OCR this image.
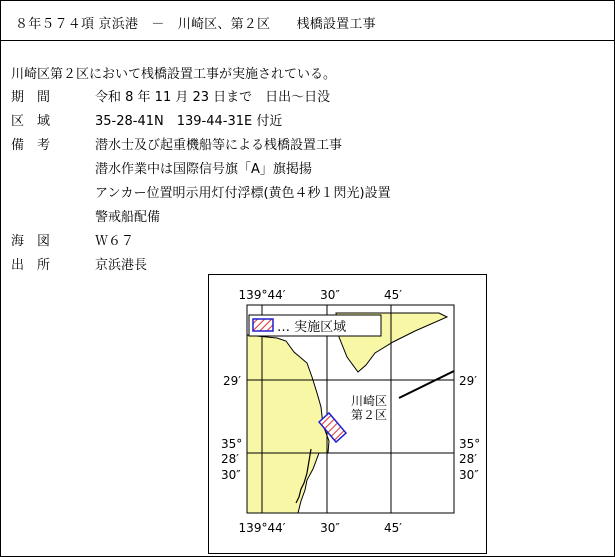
８年５７４項 京浜港　 －　 川崎区、第２区　　 桟橋設置工事
川崎区第２区において桟橋設置工事が実施されている。
期　間	令和 8 年 11 月 23 日まで　日出～日没
区　域	35-28-41N　139-44-31E 付近
備　考	潜水士及び起重機船等による桟橋設置工事
潜水作業中は国際信号旗「A」旗掲揚
アンカー位置明示用灯付浮標(黄色４秒１閃光)設置
警戒船配備
海　図	Ｗ６７
出　所	京浜港長
… 実施区域
川崎区
第２区
139°44′	30″	45′
139°44′	30″	45′
29′	29′
35°
28′
30″
35°
28′
30″
